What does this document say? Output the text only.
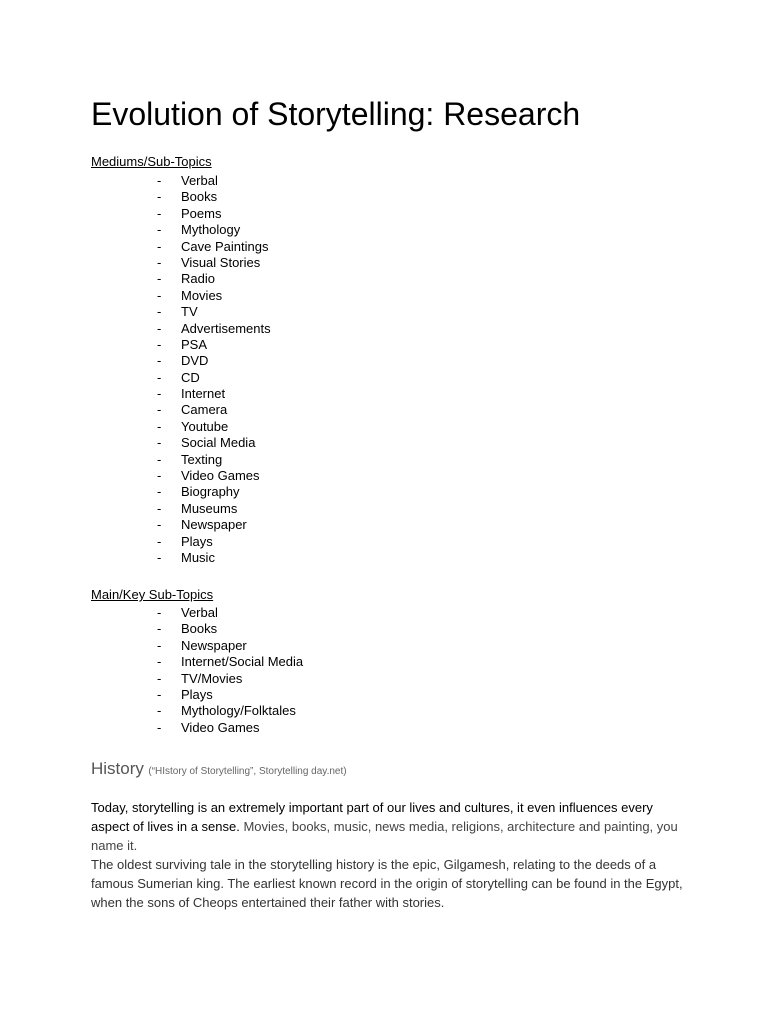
Evolution of Storytelling: Research

Mediums/Sub-Topics

- Verbal
- Books
- Poems
- Mythology
- Cave Paintings
- Visual Stories
- Radio
- Movies
- TV
- Advertisements
- PSA
- DVD
- CD
- Internet
- Camera
- Youtube
- Social Media
- Texting
- Video Games
- Biography
- Museums
- Newspaper
- Plays
- Music

Main/Key Sub-Topics

- Verbal
- Books
- Newspaper
- Internet/Social Media
- TV/Movies
- Plays
- Mythology/Folktales
- Video Games

History (“HIstory of Storytelling”, Storytelling day.net)

Today, storytelling is an extremely important part of our lives and cultures, it even influences every aspect of lives in a sense. Movies, books, music, news media, religions, architecture and painting, you name it.

The oldest surviving tale in the storytelling history is the epic, Gilgamesh, relating to the deeds of a famous Sumerian king. The earliest known record in the origin of storytelling can be found in the Egypt, when the sons of Cheops entertained their father with stories.
